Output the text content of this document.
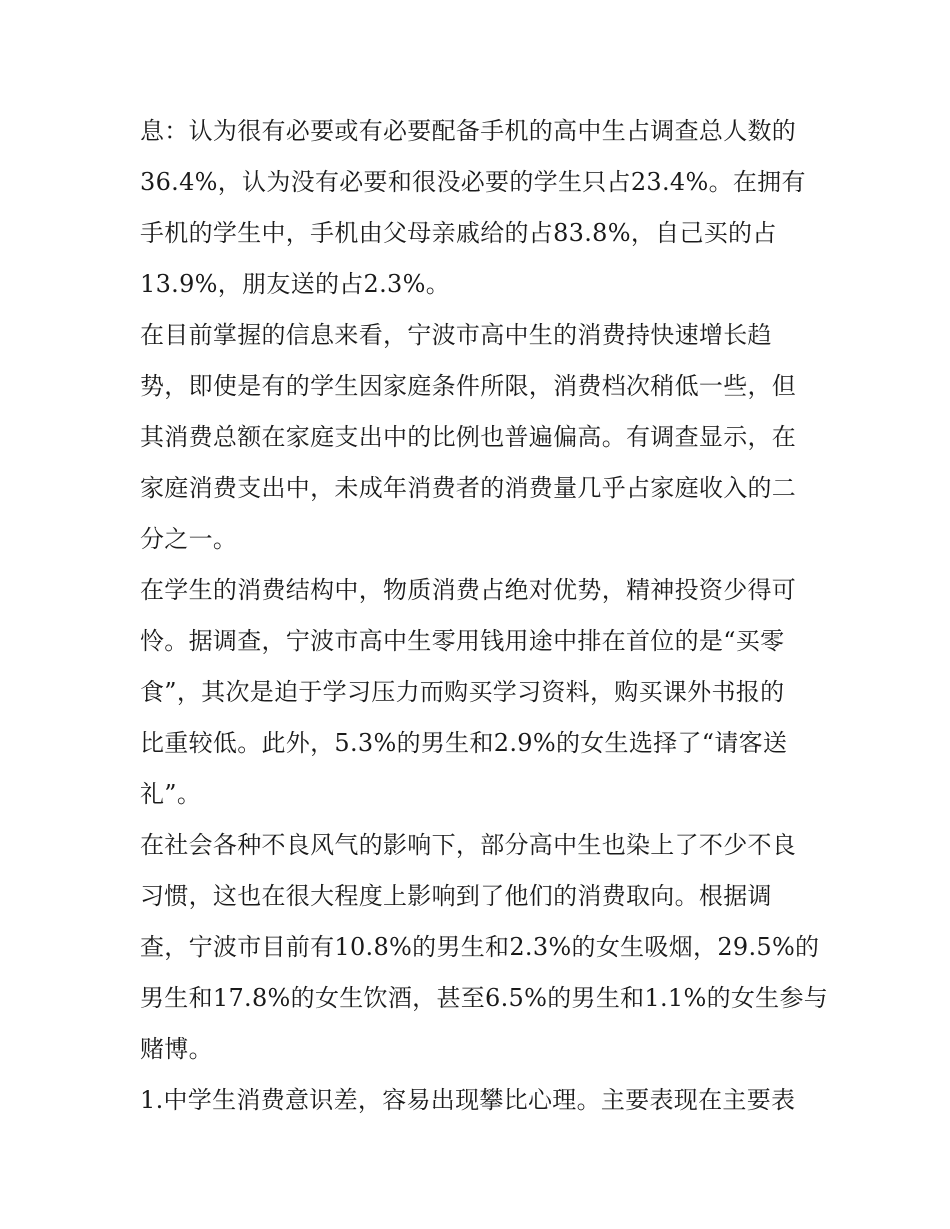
息：认为很有必要或有必要配备手机的高中生占调查总人数的
36.4%，认为没有必要和很没必要的学生只占23.4%。在拥有
手机的学生中，手机由父母亲戚给的占83.8%，自己买的占
13.9%，朋友送的占2.3%。
在目前掌握的信息来看，宁波市高中生的消费持快速增长趋
势，即使是有的学生因家庭条件所限，消费档次稍低一些，但
其消费总额在家庭支出中的比例也普遍偏高。有调查显示，在
家庭消费支出中，未成年消费者的消费量几乎占家庭收入的二
分之一。
在学生的消费结构中，物质消费占绝对优势，精神投资少得可
怜。据调查，宁波市高中生零用钱用途中排在首位的是“买零
食”，其次是迫于学习压力而购买学习资料，购买课外书报的
比重较低。此外，5.3%的男生和2.9%的女生选择了“请客送
礼”。
在社会各种不良风气的影响下，部分高中生也染上了不少不良
习惯，这也在很大程度上影响到了他们的消费取向。根据调
查，宁波市目前有10.8%的男生和2.3%的女生吸烟，29.5%的
男生和17.8%的女生饮酒，甚至6.5%的男生和1.1%的女生参与
赌博。
1.中学生消费意识差，容易出现攀比心理。主要表现在主要表
